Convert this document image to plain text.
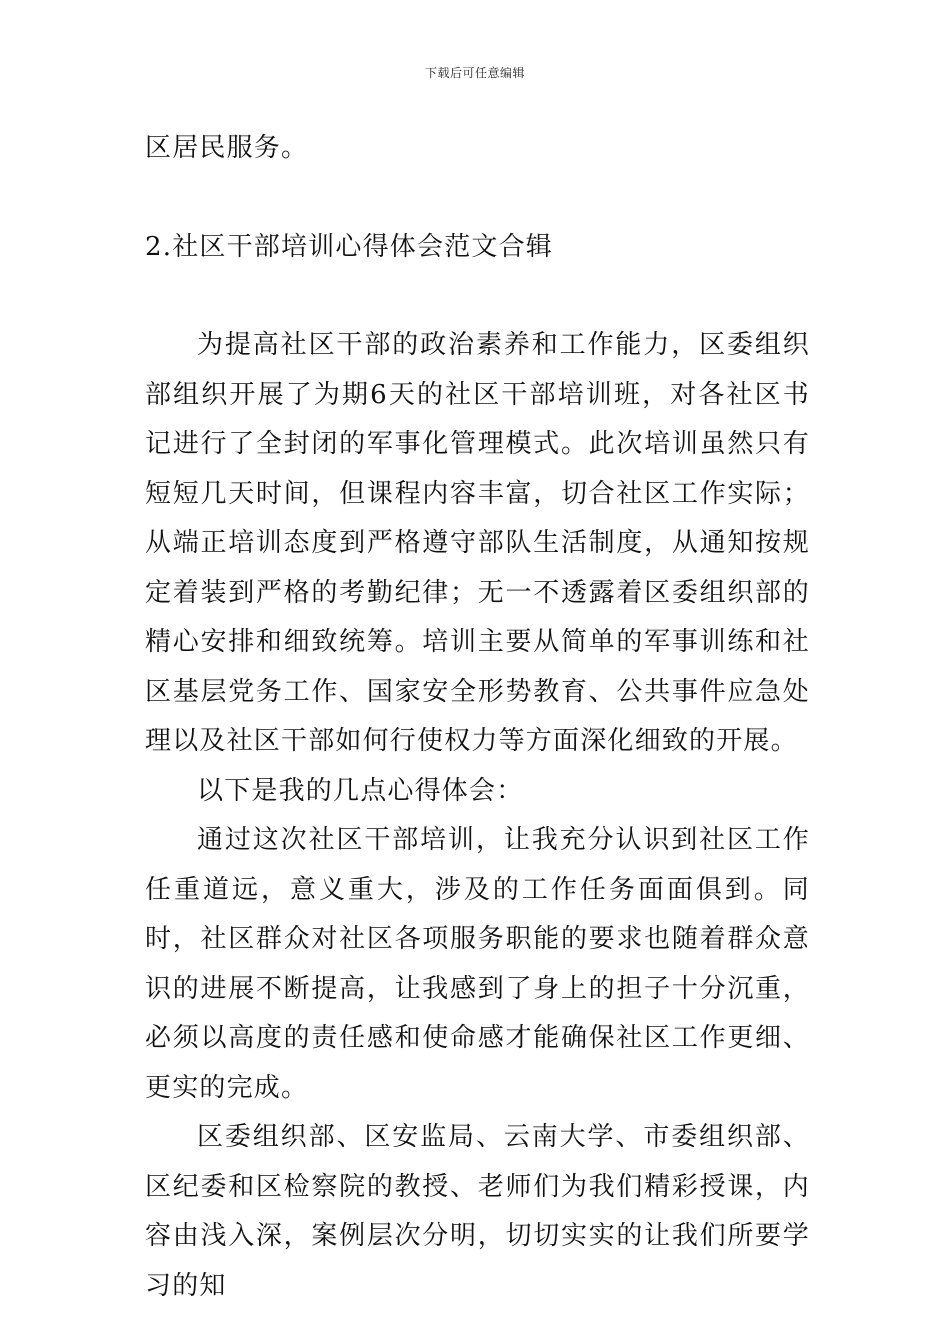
下载后可任意编辑

区居民服务。

2.社区干部培训心得体会范文合辑

为提高社区干部的政治素养和工作能力，区委组织部组织开展了为期6天的社区干部培训班，对各社区书记进行了全封闭的军事化管理模式。此次培训虽然只有短短几天时间，但课程内容丰富，切合社区工作实际；从端正培训态度到严格遵守部队生活制度，从通知按规定着装到严格的考勤纪律；无一不透露着区委组织部的精心安排和细致统筹。培训主要从简单的军事训练和社区基层党务工作、国家安全形势教育、公共事件应急处理以及社区干部如何行使权力等方面深化细致的开展。

以下是我的几点心得体会：

通过这次社区干部培训，让我充分认识到社区工作任重道远，意义重大，涉及的工作任务面面俱到。同时，社区群众对社区各项服务职能的要求也随着群众意识的进展不断提高，让我感到了身上的担子十分沉重，必须以高度的责任感和使命感才能确保社区工作更细、更实的完成。

区委组织部、区安监局、云南大学、市委组织部、区纪委和区检察院的教授、老师们为我们精彩授课，内容由浅入深，案例层次分明，切切实实的让我们所要学习的知
